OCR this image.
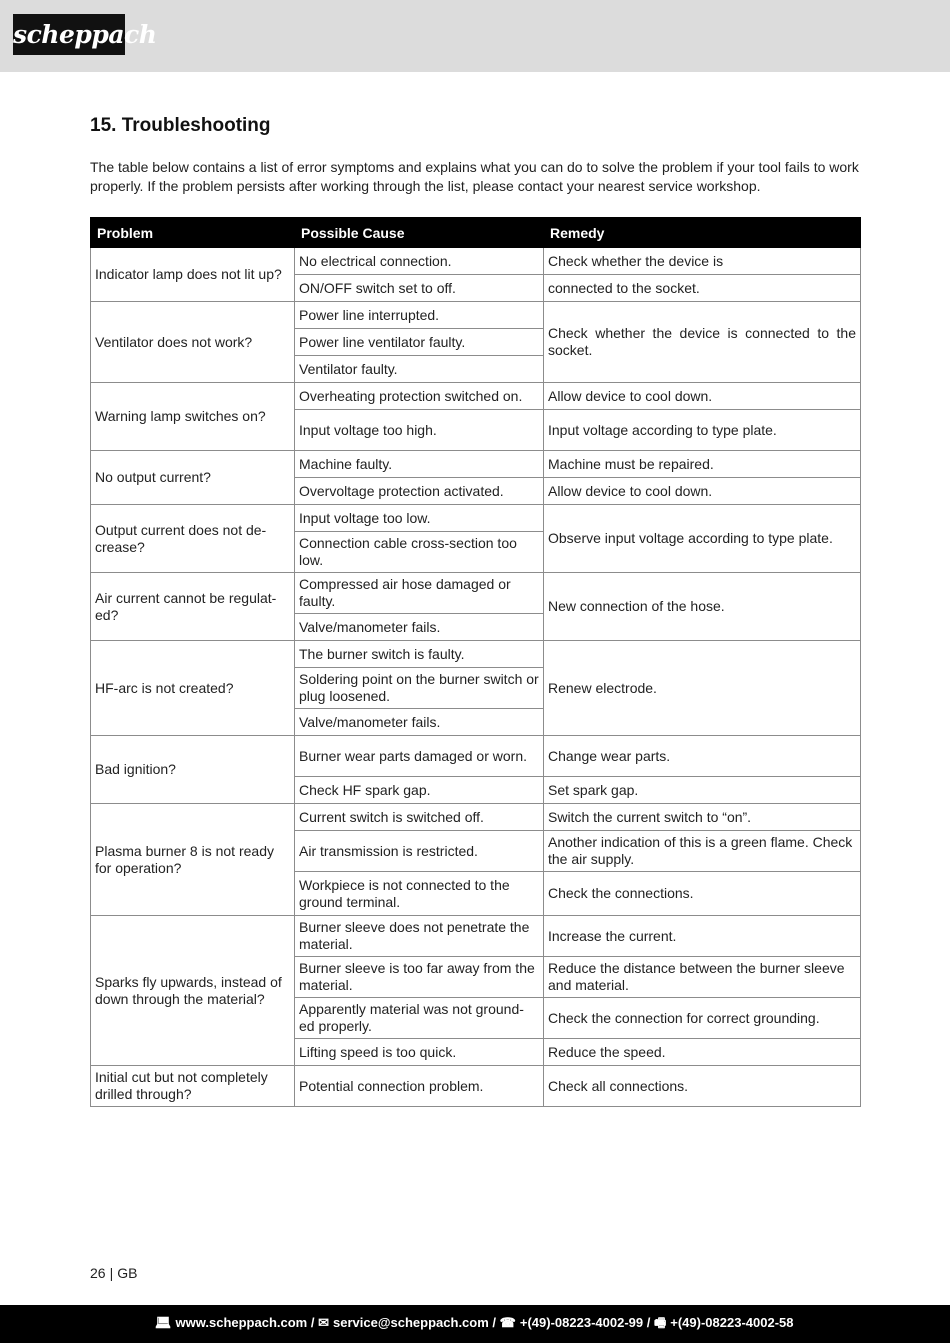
scheppach
15. Troubleshooting

The table below contains a list of error symptoms and explains what you can do to solve the problem if your tool fails to work properly. If the problem persists after working through the list, please contact your nearest service workshop.

Problem	Possible Cause	Remedy
Indicator lamp does not lit up?	No electrical connection.	Check whether the device is
	ON/OFF switch set to off.	connected to the socket.
Ventilator does not work?	Power line interrupted.	Check whether the device is connected to the socket.
	Power line ventilator faulty.	
	Ventilator faulty.	
Warning lamp switches on?	Overheating protection switched on.	Allow device to cool down.
	Input voltage too high.	Input voltage according to type plate.
No output current?	Machine faulty.	Machine must be repaired.
	Overvoltage protection activated.	Allow device to cool down.
Output current does not de-crease?	Input voltage too low.	Observe input voltage according to type plate.
	Connection cable cross-section too low.	
Air current cannot be regulat-ed?	Compressed air hose damaged or faulty.	New connection of the hose.
	Valve/manometer fails.	
HF-arc is not created?	The burner switch is faulty.	Renew electrode.
	Soldering point on the burner switch or plug loosened.	
	Valve/manometer fails.	
Bad ignition?	Burner wear parts damaged or worn.	Change wear parts.
	Check HF spark gap.	Set spark gap.
Plasma burner 8 is not ready for operation?	Current switch is switched off.	Switch the current switch to “on”.
	Air transmission is restricted.	Another indication of this is a green flame. Check the air supply.
	Workpiece is not connected to the ground terminal.	Check the connections.
Sparks fly upwards, instead of down through the material?	Burner sleeve does not penetrate the material.	Increase the current.
	Burner sleeve is too far away from the material.	Reduce the distance between the burner sleeve and material.
	Apparently material was not ground-ed properly.	Check the connection for correct grounding.
	Lifting speed is too quick.	Reduce the speed.
Initial cut but not completely drilled through?	Potential connection problem.	Check all connections.
26 | GB
💻︎ www.scheppach.com / ✉ service@scheppach.com / ☎ +(49)-08223-4002-99 / 🖷︎ +(49)-08223-4002-58
